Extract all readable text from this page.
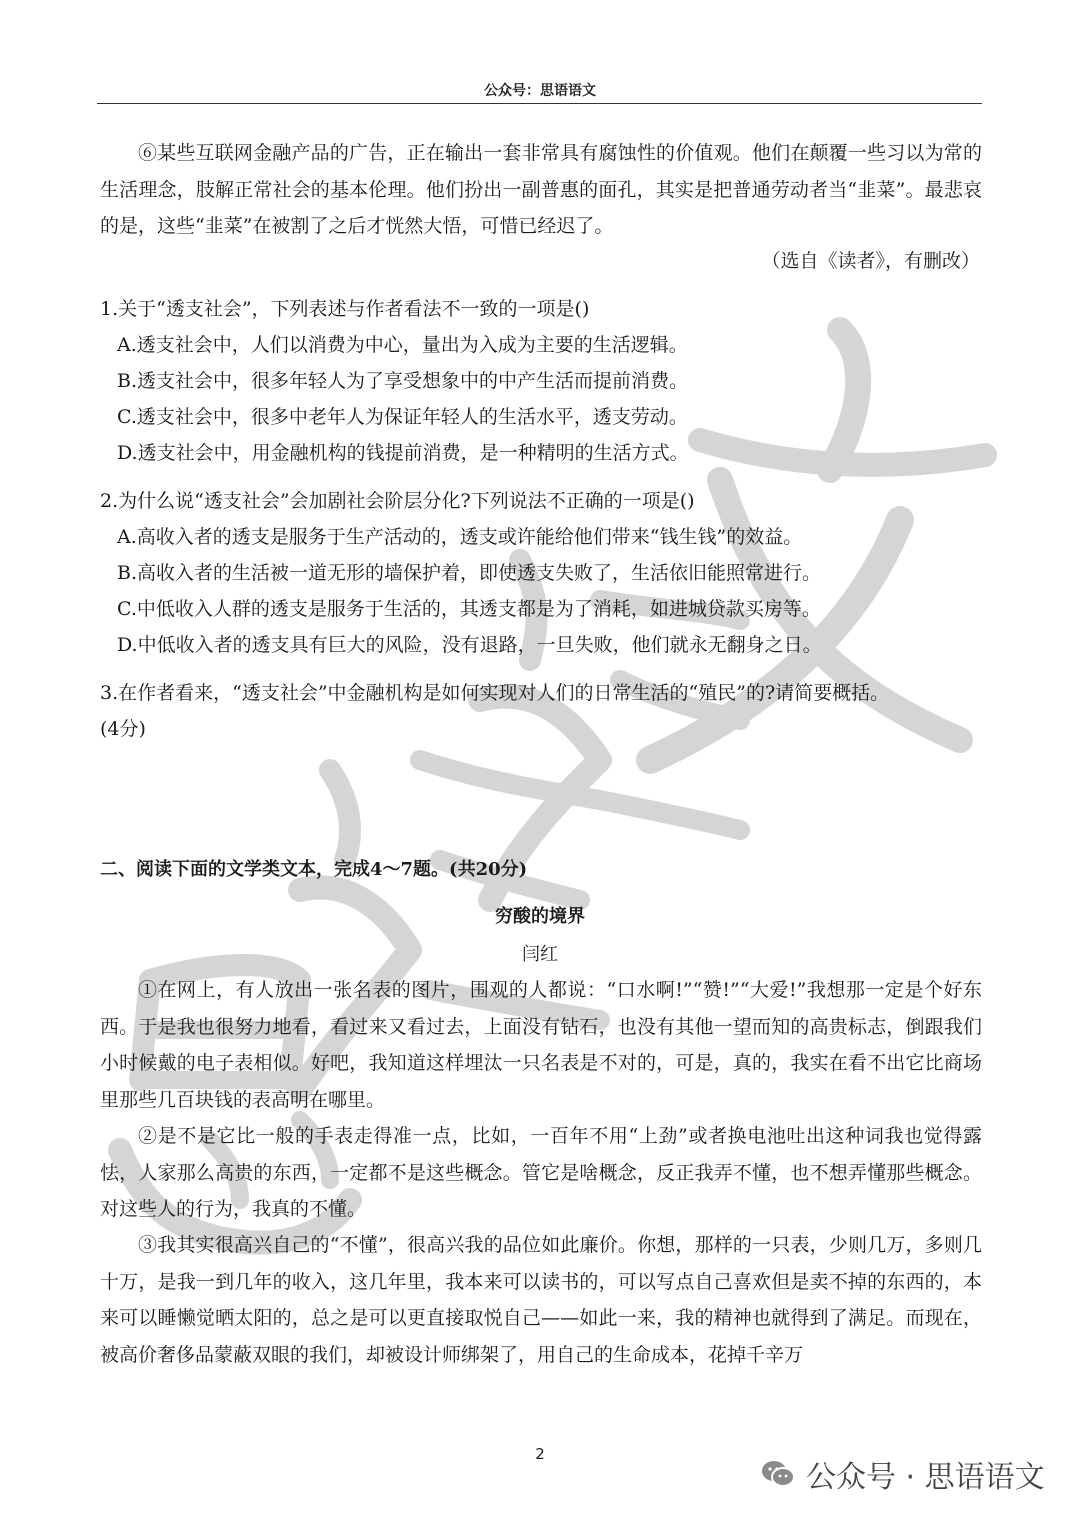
公众号：思语语文
⑥某些互联网金融产品的广告，正在输出一套非常具有腐蚀性的价值观。他们在颠覆一些习以为常的生活理念，肢解正常社会的基本伦理。他们扮出一副普惠的面孔，其实是把普通劳动者当“韭菜”。最悲哀的是，这些“韭菜”在被割了之后才恍然大悟，可惜已经迟了。
（选自《读者》，有删改）
1.关于“透支社会”，下列表述与作者看法不一致的一项是()
A.透支社会中，人们以消费为中心，量出为入成为主要的生活逻辑。
B.透支社会中，很多年轻人为了享受想象中的中产生活而提前消费。
C.透支社会中，很多中老年人为保证年轻人的生活水平，透支劳动。
D.透支社会中，用金融机构的钱提前消费，是一种精明的生活方式。
2.为什么说“透支社会”会加剧社会阶层分化?下列说法不正确的一项是()
A.高收入者的透支是服务于生产活动的，透支或许能给他们带来“钱生钱”的效益。
B.高收入者的生活被一道无形的墙保护着，即使透支失败了，生活依旧能照常进行。
C.中低收入人群的透支是服务于生活的，其透支都是为了消耗，如进城贷款买房等。
D.中低收入者的透支具有巨大的风险，没有退路，一旦失败，他们就永无翻身之日。
3.在作者看来，“透支社会”中金融机构是如何实现对人们的日常生活的“殖民”的?请简要概括。
(4分)
二、阅读下面的文学类文本，完成4～7题。(共20分)
穷酸的境界
闫红
①在网上，有人放出一张名表的图片，围观的人都说：“口水啊!”“赞!”“大爱!”我想那一定是个好东西。于是我也很努力地看，看过来又看过去，上面没有钻石，也没有其他一望而知的高贵标志，倒跟我们小时候戴的电子表相似。好吧，我知道这样埋汰一只名表是不对的，可是，真的，我实在看不出它比商场里那些几百块钱的表高明在哪里。
②是不是它比一般的手表走得准一点，比如，一百年不用“上劲”或者换电池吐出这种词我也觉得露怯，人家那么高贵的东西，一定都不是这些概念。管它是啥概念，反正我弄不懂，也不想弄懂那些概念。对这些人的行为，我真的不懂。
③我其实很高兴自己的“不懂”，很高兴我的品位如此廉价。你想，那样的一只表，少则几万，多则几十万，是我一到几年的收入，这几年里，我本来可以读书的，可以写点自己喜欢但是卖不掉的东西的，本来可以睡懒觉晒太阳的，总之是可以更直接取悦自己——如此一来，我的精神也就得到了满足。而现在，被高价奢侈品蒙蔽双眼的我们，却被设计师绑架了，用自己的生命成本，花掉千辛万
2
公众号 · 思语语文
